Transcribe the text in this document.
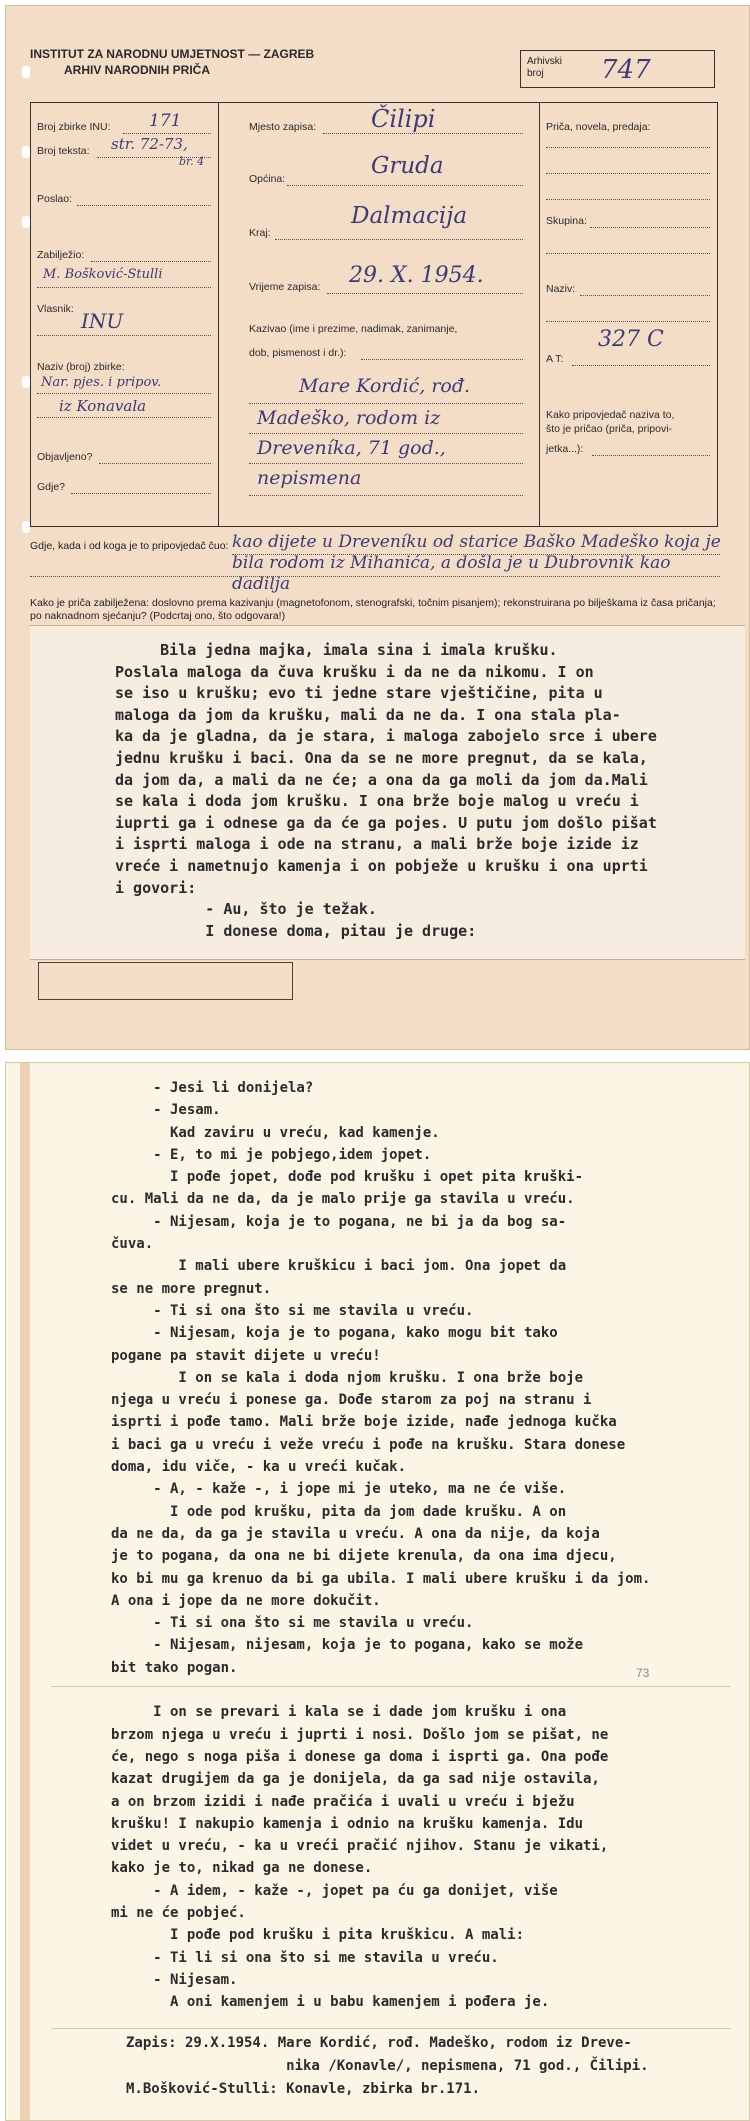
INSTITUT ZA NARODNU UMJETNOST — ZAGREB
ARHIV NARODNIH PRIČA
Arhivski
broj	747
Broj zbirke INU: 171
Broj teksta: str. 72-73,
br. 4
Poslao:
Zabilježio:
M. Bošković-Stulli
Vlasnik: INU
Naziv (broj) zbirke:
Nar. pjes. i pripov.
iz Konavala
Objavljeno?
Gdje?
Mjesto zapisa: Čilipi
Općina:	Gruda
Kraj:
Dalmacija
Vrijeme zapisa: 29. X. 1954.
Kazivao (ime i prezime, nadimak, zanimanje,
dob, pismenost i dr.):
Mare Kordić, rođ.
Madeško, rodom iz
Dreveníka, 71 god.,
nepismena
Priča, novela, predaja:
Skupina:
Naziv:
A T:
327 C
Kako pripovjedač naziva to,
što je pričao (priča, pripovi-
jetka...):
Gdje, kada i od koga je to pripovjedač čuo: kao dijete u Dreveníku od starice Baško Madeško koja je bila rodom iz Mihanića, a došla je u Dubrovnik kao dadilja
Kako je priča zabilježena: doslovno prema kazivanju (magnetofonom, stenografski, točnim pisanjem); rekonstruirana po bilješkama iz časa pričanja; po naknadnom sjećanju? (Podcrtaj ono, što odgovara!)
Bila jedna majka, imala sina i imala krušku.
Poslala maloga da čuva krušku i da ne da nikomu. I on
se iso u krušku; evo ti jedne stare vještičine, pita u
maloga da jom da krušku, mali da ne da. I ona stala pla-
ka da je gladna, da je stara, i maloga zabojelo srce i ubere
jednu krušku i baci. Ona da se ne more pregnut, da se kala,
da jom da, a mali da ne će; a ona da ga moli da jom da.Mali
se kala i doda jom krušku. I ona brže boje malog u vreću i
iuprti ga i odnese ga da će ga pojes. U putu jom došlo pišat
i isprti maloga i ode na stranu, a mali brže boje izide iz
vreće i nametnujo kamenja i on pobježe u krušku i ona uprti
i govori:
- Au, što je težak.
I donese doma, pitau je druge:
- Jesi li donijela?
- Jesam.
Kad zaviru u vreću, kad kamenje.
- E, to mi je pobjego,idem jopet.
I pođe jopet, dođe pod krušku i opet pita kruški-
cu. Mali da ne da, da je malo prije ga stavila u vreću.
- Nijesam, koja je to pogana, ne bi ja da bog sa-
čuva.
I mali ubere kruškicu i baci jom. Ona jopet da
se ne more pregnut.
- Ti si ona što si me stavila u vreću.
- Nijesam, koja je to pogana, kako mogu bit tako
pogane pa stavit dijete u vreću!
I on se kala i doda njom krušku. I ona brže boje
njega u vreću i ponese ga. Dođe starom za poj na stranu i
isprti i pođe tamo. Mali brže boje izide, nađe jednoga kučka
i baci ga u vreću i veže vreću i pođe na krušku. Stara donese
doma, idu viče, - ka u vreći kučak.
- A, - kaže -, i jope mi je uteko, ma ne će više.
I ode pod krušku, pita da jom dade krušku. A on
da ne da, da ga je stavila u vreću. A ona da nije, da koja
je to pogana, da ona ne bi dijete krenula, da ona ima djecu,
ko bi mu ga krenuo da bi ga ubila. I mali ubere krušku i da jom.
A ona i jope da ne more dokučit.
- Ti si ona što si me stavila u vreću.
- Nijesam, nijesam, koja je to pogana, kako se može
bit tako pogan.

I on se prevari i kala se i dade jom krušku i ona
brzom njega u vreću i juprti i nosi. Došlo jom se pišat, ne
će, nego s noga piša i donese ga doma i isprti ga. Ona pođe
kazat drugijem da ga je donijela, da ga sad nije ostavila,
a on brzom izidi i nađe pračića i uvali u vreću i bježu
krušku! I nakupio kamenja i odnio na krušku kamenja. Idu
videt u vreću, - ka u vreći pračić njihov. Stanu je vikati,
kako je to, nikad ga ne donese.
- A idem, - kaže -, jopet pa ću ga donijet, više
mi ne će pobjeć.
I pođe pod krušku i pita kruškicu. A mali:
- Ti li si ona što si me stavila u vreću.
- Nijesam.
A oni kamenjem i u babu kamenjem i pođera je.
73
Zapis: 29.X.1954. Mare Kordić, rođ. Madeško, rodom iz Dreve-
nika /Konavle/, nepismena, 71 god., Čilipi.
M.Bošković-Stulli: Konavle, zbirka br.171.
